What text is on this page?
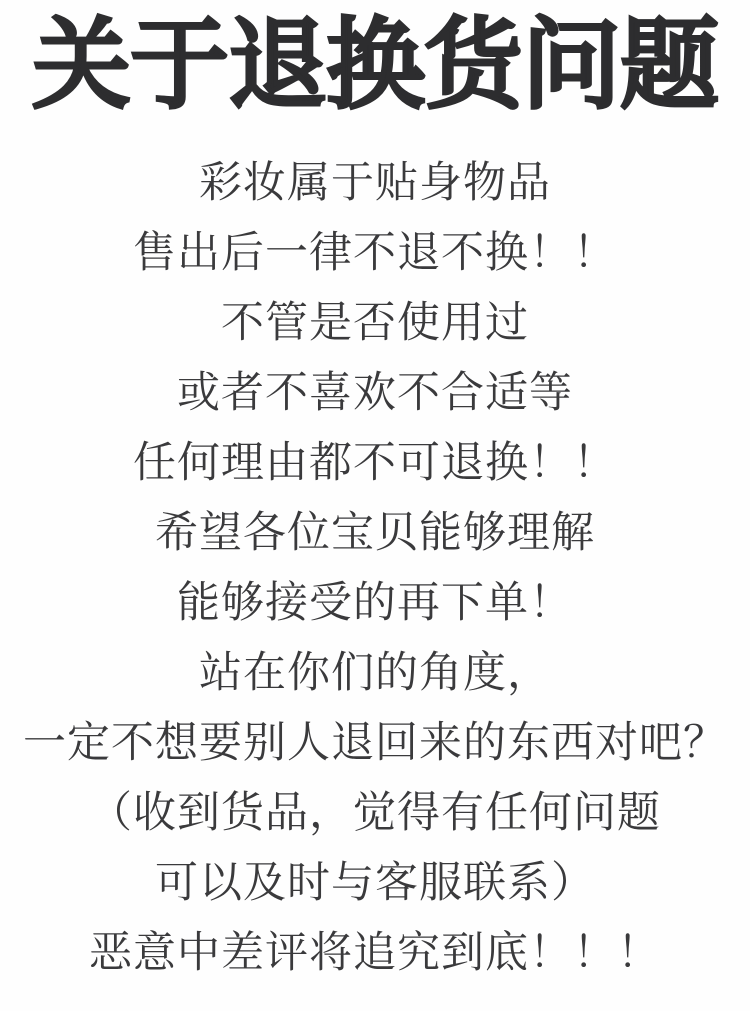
关于退换货问题
彩妆属于贴身物品
售出后一律不退不换！！
不管是否使用过
或者不喜欢不合适等
任何理由都不可退换！！
希望各位宝贝能够理解
能够接受的再下单！
站在你们的角度，
一定不想要别人退回来的东西对吧？
（收到货品，觉得有任何问题
可以及时与客服联系）
恶意中差评将追究到底！！！
